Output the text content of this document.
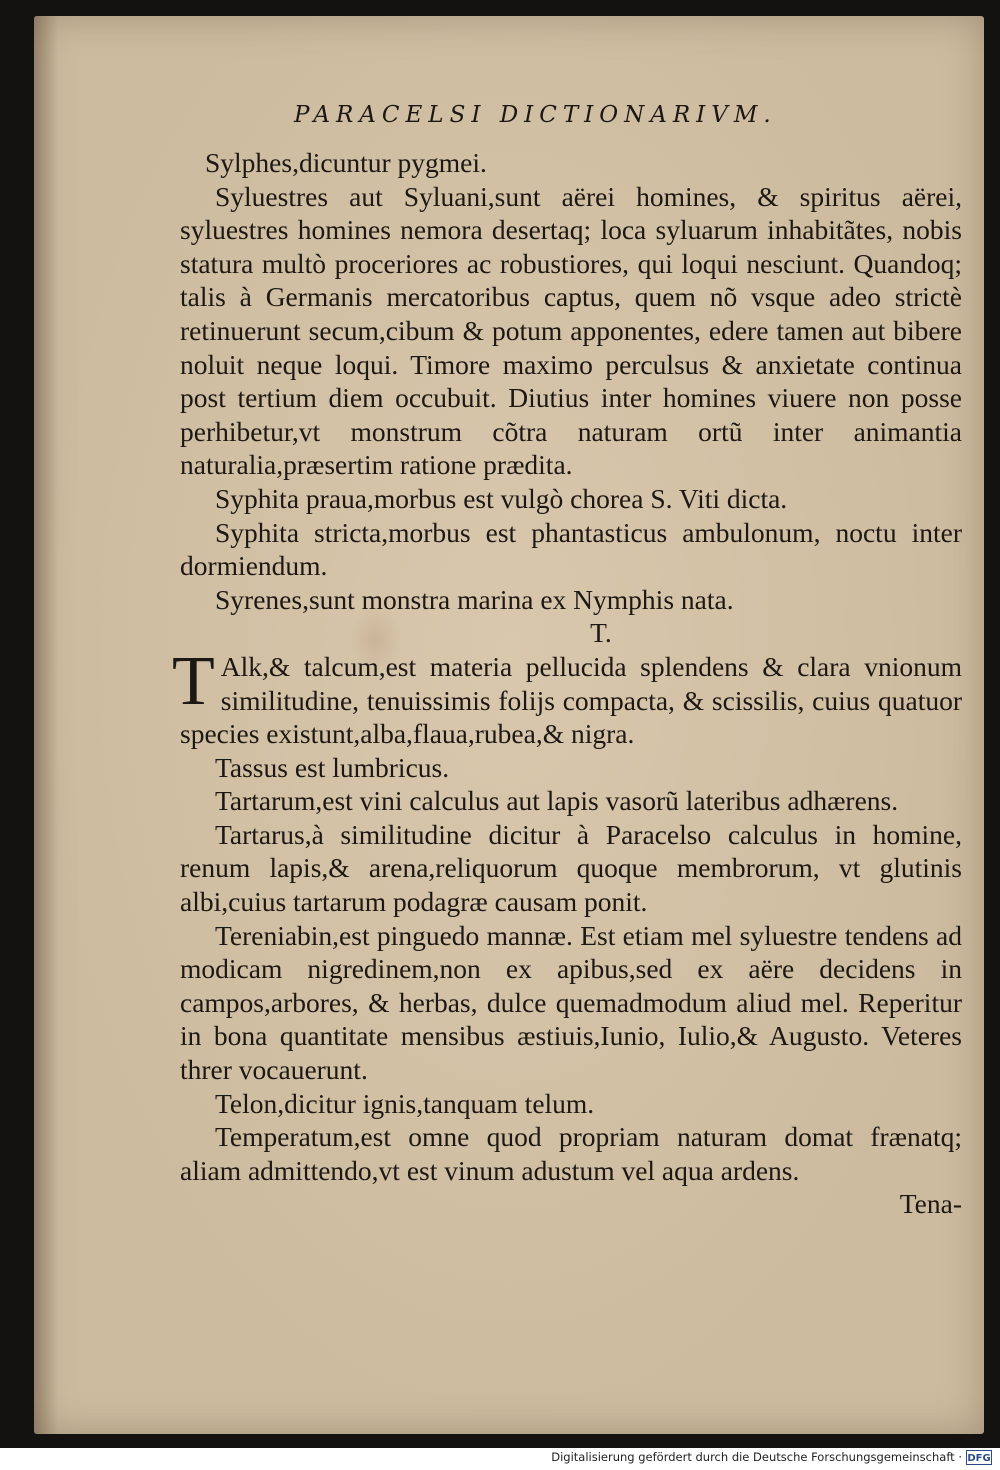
PARACELSI DICTIONARIVM.

Sylphes,dicuntur pygmei.

Syluestres aut Syluani,sunt aërei homines, & spiritus aërei, syluestres homines nemora desertaq; loca syluarum inhabitãtes, nobis statura multò proceriores ac robustiores, qui loqui nesciunt. Quandoq; talis à Germanis mercatoribus captus, quem nõ vsque adeo strictè retinuerunt secum,cibum & potum apponentes, edere tamen aut bibere noluit neque loqui. Timore maximo perculsus & anxietate continua post tertium diem occubuit. Diutius inter homines viuere non posse perhibetur,vt monstrum cõtra naturam ortũ inter animantia naturalia,præsertim ratione prædita.

Syphita praua,morbus est vulgò chorea S. Viti dicta.

Syphita stricta,morbus est phantasticus ambulonum, noctu inter dormiendum.

Syrenes,sunt monstra marina ex Nymphis nata.

T.

T Alk,& talcum,est materia pellucida splendens & clara vnionum similitudine, tenuissimis folijs compacta, & scissilis, cuius quatuor species existunt,alba,flaua,rubea,& nigra.

Tassus est lumbricus.

Tartarum,est vini calculus aut lapis vasorũ lateribus adhærens.

Tartarus,à similitudine dicitur à Paracelso calculus in homine, renum lapis,& arena,reliquorum quoque membrorum, vt glutinis albi,cuius tartarum podagræ causam ponit.

Tereniabin,est pinguedo mannæ. Est etiam mel syluestre tendens ad modicam nigredinem,non ex apibus,sed ex aëre decidens in campos,arbores, & herbas, dulce quemadmodum aliud mel. Reperitur in bona quantitate mensibus æstiuis,Iunio, Iulio,& Augusto. Veteres threr vocauerunt.

Telon,dicitur ignis,tanquam telum.

Temperatum,est omne quod propriam naturam domat frænatq; aliam admittendo,vt est vinum adustum vel aqua ardens.

Tena-

Digitalisierung gefördert durch die Deutsche Forschungsgemeinschaft · DFG
